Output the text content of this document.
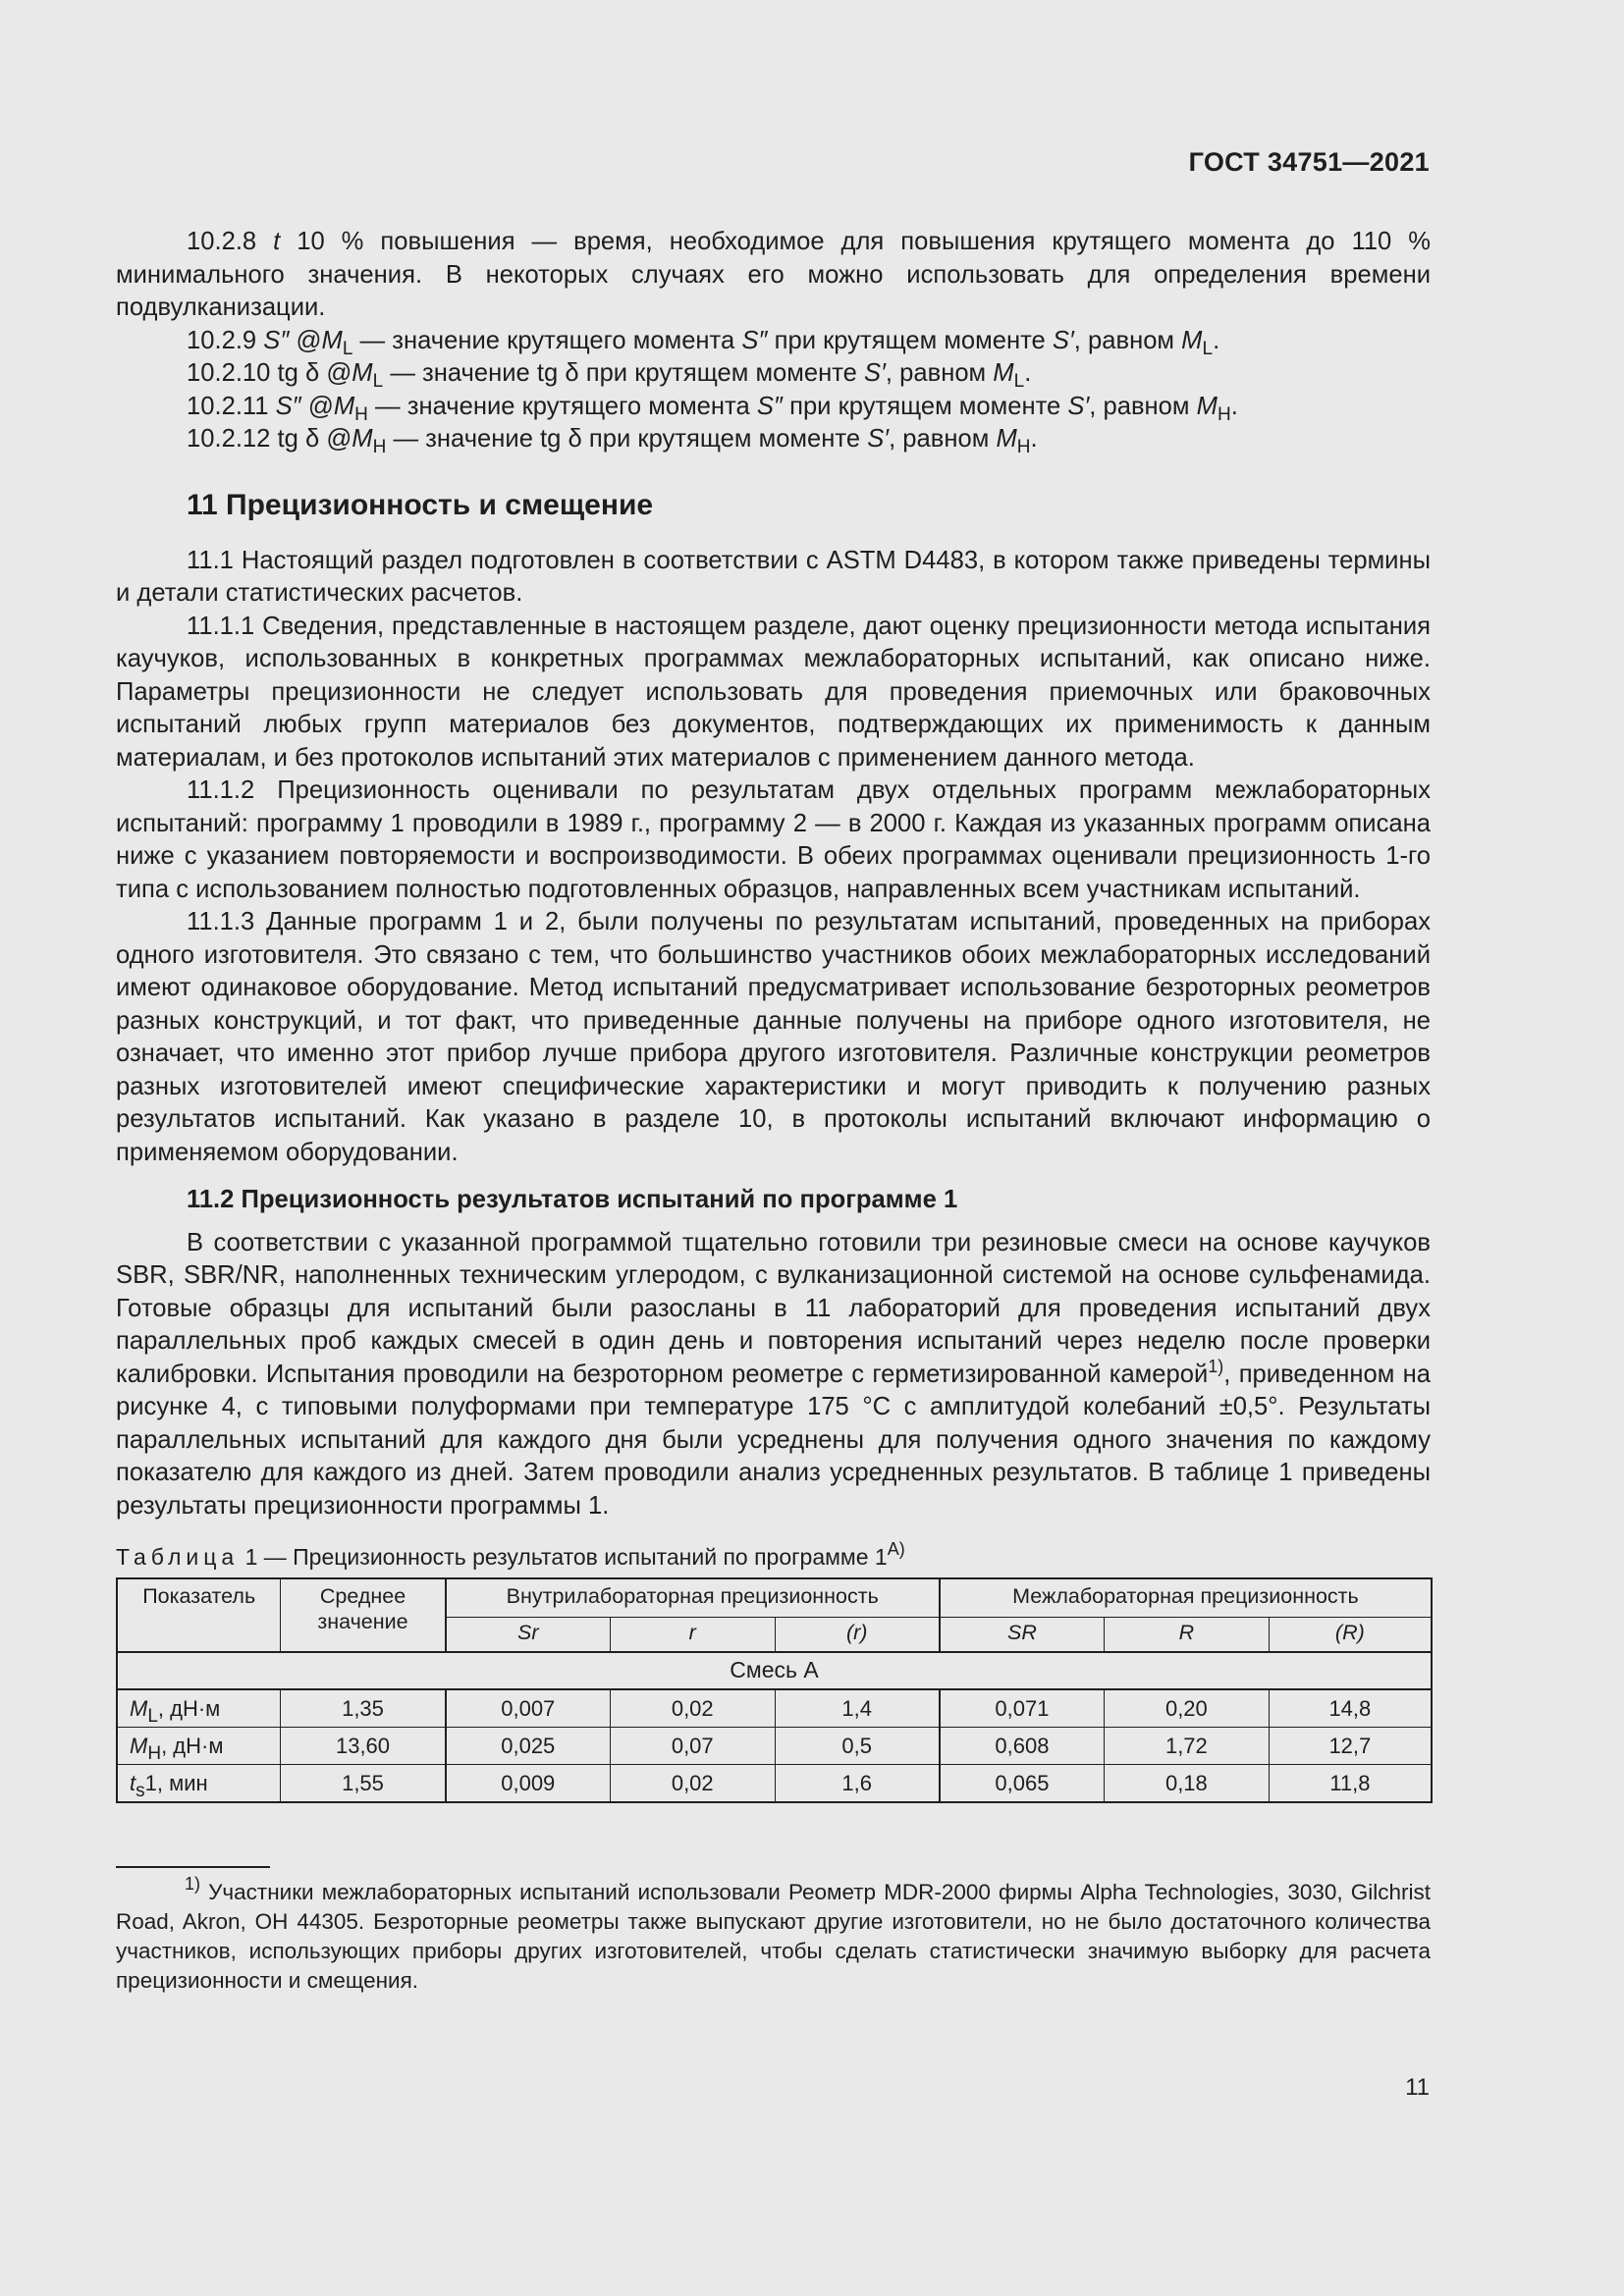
ГОСТ 34751—2021

10.2.8 t 10 % повышения — время, необходимое для повышения крутящего момента до 110 % минимального значения. В некоторых случаях его можно использовать для определения времени подвулканизации.

10.2.9 S″ $@M_L$ — значение крутящего момента S″ при крутящем моменте S′, равном $M_L$.

10.2.10 tg δ $@M_L$ — значение tg δ при крутящем моменте S′, равном $M_L$.

10.2.11 S″ $@M_H$ — значение крутящего момента S″ при крутящем моменте S′, равном $M_H$.

10.2.12 tg δ $@M_H$ — значение tg δ при крутящем моменте S′, равном $M_H$.

11 Прецизионность и смещение

11.1 Настоящий раздел подготовлен в соответствии с ASTM D4483, в котором также приведены термины и детали статистических расчетов.

11.1.1 Сведения, представленные в настоящем разделе, дают оценку прецизионности метода испытания каучуков, использованных в конкретных программах межлабораторных испытаний, как описано ниже. Параметры прецизионности не следует использовать для проведения приемочных или браковочных испытаний любых групп материалов без документов, подтверждающих их применимость к данным материалам, и без протоколов испытаний этих материалов с применением данного метода.

11.1.2 Прецизионность оценивали по результатам двух отдельных программ межлабораторных испытаний: программу 1 проводили в 1989 г., программу 2 — в 2000 г. Каждая из указанных программ описана ниже с указанием повторяемости и воспроизводимости. В обеих программах оценивали прецизионность 1-го типа с использованием полностью подготовленных образцов, направленных всем участникам испытаний.

11.1.3 Данные программ 1 и 2, были получены по результатам испытаний, проведенных на приборах одного изготовителя. Это связано с тем, что большинство участников обоих межлабораторных исследований имеют одинаковое оборудование. Метод испытаний предусматривает использование безроторных реометров разных конструкций, и тот факт, что приведенные данные получены на приборе одного изготовителя, не означает, что именно этот прибор лучше прибора другого изготовителя. Различные конструкции реометров разных изготовителей имеют специфические характеристики и могут приводить к получению разных результатов испытаний. Как указано в разделе 10, в протоколы испытаний включают информацию о применяемом оборудовании.

11.2 Прецизионность результатов испытаний по программе 1

В соответствии с указанной программой тщательно готовили три резиновые смеси на основе каучуков SBR, SBR/NR, наполненных техническим углеродом, с вулканизационной системой на основе сульфенамида. Готовые образцы для испытаний были разосланы в 11 лабораторий для проведения испытаний двух параллельных проб каждых смесей в один день и повторения испытаний через неделю после проверки калибровки. Испытания проводили на безроторном реометре с герметизированной камерой$^{1)}$, приведенном на рисунке 4, с типовыми полуформами при температуре 175 °С с амплитудой колебаний ±0,5°. Результаты параллельных испытаний для каждого дня были усреднены для получения одного значения по каждому показателю для каждого из дней. Затем проводили анализ усредненных результатов. В таблице 1 приведены результаты прецизионности программы 1.

Таблица 1 — Прецизионность результатов испытаний по программе $1^{A)}$
Показатель	Среднее значение	Внутрилабораторная прецизионность			Межлабораторная прецизионность		
		Sr	r	(r)	SR	R	(R)
Смесь А							
$M_L$, дН·м	1,35	0,007	0,02	1,4	0,071	0,20	14,8
$M_H$, дН·м	13,60	0,025	0,07	0,5	0,608	1,72	12,7
$t_s1$, мин	1,55	0,009	0,02	1,6	0,065	0,18	11,8

$^{1)}$ Участники межлабораторных испытаний использовали Реометр MDR-2000 фирмы Alpha Technologies, 3030, Gilchrist Road, Akron, OH 44305. Безроторные реометры также выпускают другие изготовители, но не было достаточного количества участников, использующих приборы других изготовителей, чтобы сделать статистически значимую выборку для расчета прецизионности и смещения.

11
